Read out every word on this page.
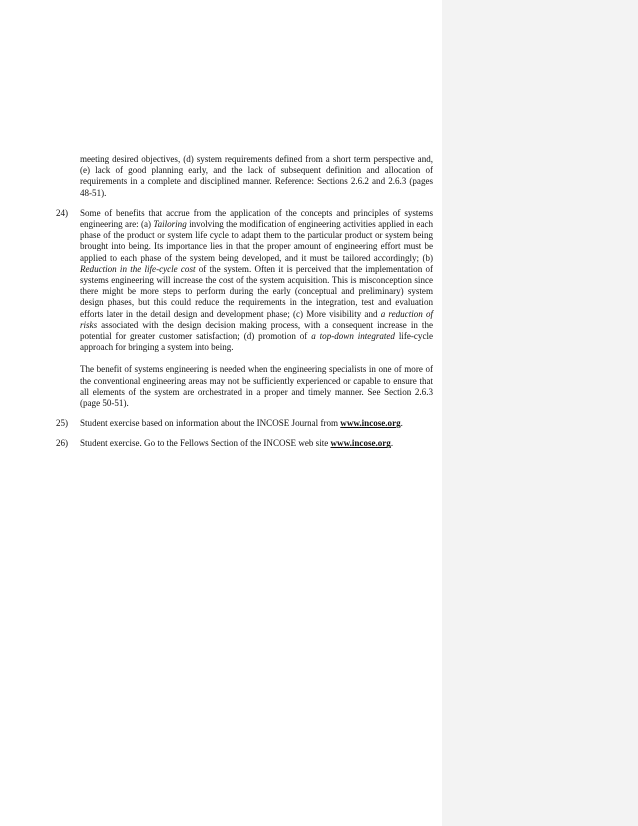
meeting desired objectives, (d) system requirements defined from a short term perspective and, (e) lack of good planning early, and the lack of subsequent definition and allocation of requirements in a complete and disciplined manner. Reference: Sections 2.6.2 and 2.6.3 (pages 48-51).
24)	Some of benefits that accrue from the application of the concepts and principles of systems engineering are: (a) Tailoring involving the modification of engineering activities applied in each phase of the product or system life cycle to adapt them to the particular product or system being brought into being. Its importance lies in that the proper amount of engineering effort must be applied to each phase of the system being developed, and it must be tailored accordingly; (b) Reduction in the life-cycle cost of the system. Often it is perceived that the implementation of systems engineering will increase the cost of the system acquisition. This is misconception since there might be more steps to perform during the early (conceptual and preliminary) system design phases, but this could reduce the requirements in the integration, test and evaluation efforts later in the detail design and development phase; (c) More visibility and a reduction of risks associated with the design decision making process, with a consequent increase in the potential for greater customer satisfaction; (d) promotion of a top-down integrated life-cycle approach for bringing a system into being.
The benefit of systems engineering is needed when the engineering specialists in one of more of the conventional engineering areas may not be sufficiently experienced or capable to ensure that all elements of the system are orchestrated in a proper and timely manner. See Section 2.6.3 (page 50-51).
25)	Student exercise based on information about the INCOSE Journal from www.incose.org.
26)	Student exercise. Go to the Fellows Section of the INCOSE web site www.incose.org.
